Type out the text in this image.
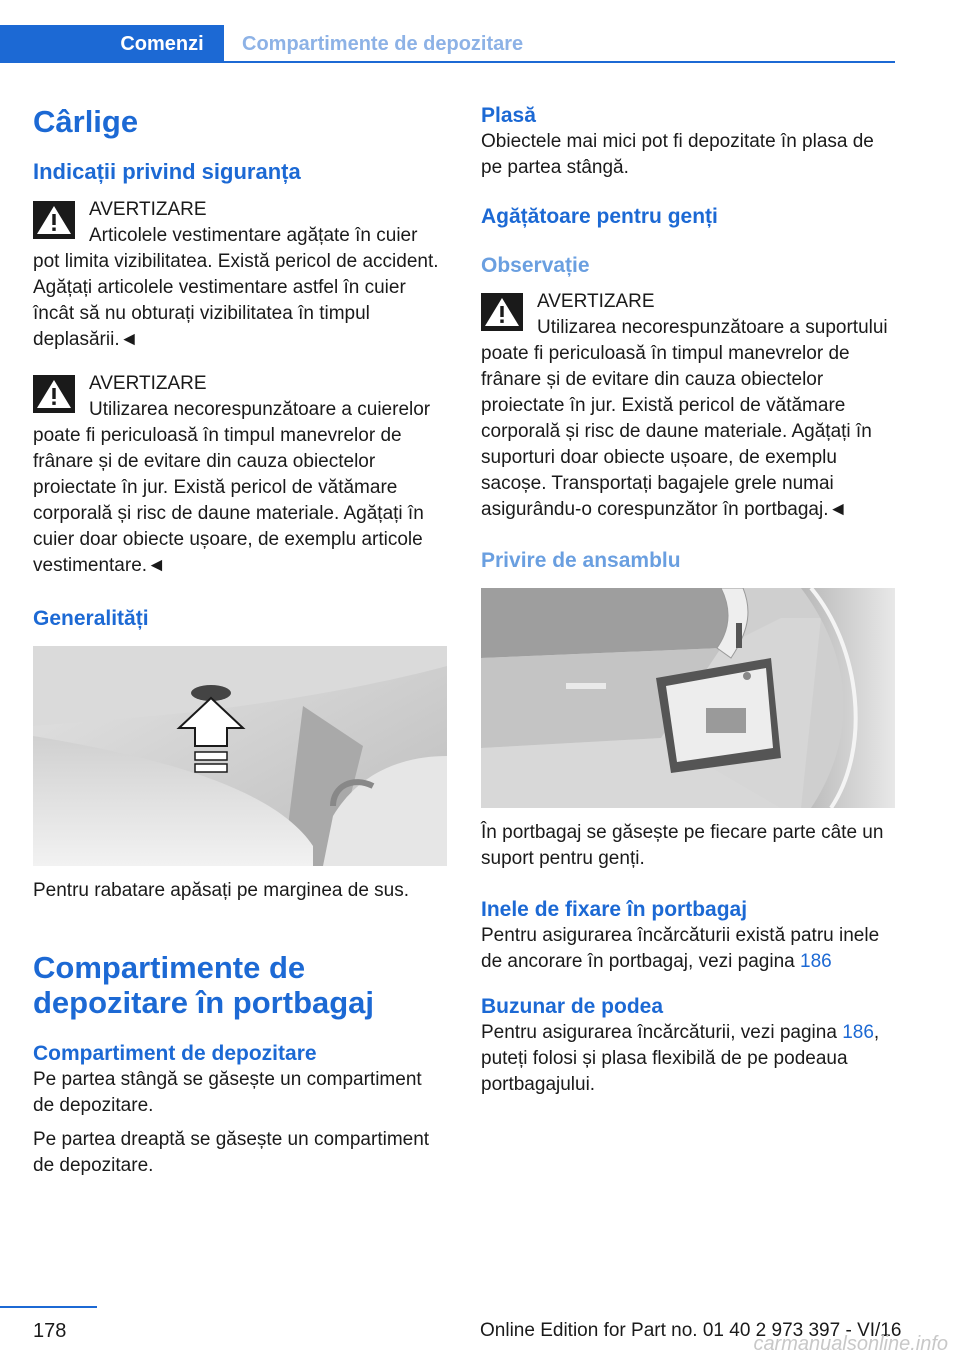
Comenzi	Compartimente de depozitare
Cârlige
Indicații privind siguranța
AVERTIZARE

Articolele vestimentare agățate în cuier pot limita vizibilitatea. Există pericol de accident. Agățați articolele vestimentare astfel în cuier încât să nu obturați vizibilitatea în timpul deplasării.◄

AVERTIZARE

Utilizarea necorespunzătoare a cuierelor poate fi periculoasă în timpul manevrelor de frânare și de evitare din cauza obiectelor proiectate în jur. Există pericol de vătămare corporală și risc de daune materiale. Agățați în cuier doar obiecte ușoare, de exemplu articole vestimentare.◄

Generalități

Pentru rabatare apăsați pe marginea de sus.

Compartimente de depozitare în portbagaj
Compartiment de depozitare

Pe partea stângă se găsește un compartiment de depozitare.

Pe partea dreaptă se găsește un compartiment de depozitare.

Plasă

Obiectele mai mici pot fi depozitate în plasa de pe partea stângă.

Agățătoare pentru genți
Observație
AVERTIZARE

Utilizarea necorespunzătoare a suportului poate fi periculoasă în timpul manevrelor de frânare și de evitare din cauza obiectelor proiectate în jur. Există pericol de vătămare corporală și risc de daune materiale. Agățați în suporturi doar obiecte ușoare, de exemplu sacoșe. Transportați bagajele grele numai asigurându-o corespunzător în portbagaj.◄

Privire de ansamblu

În portbagaj se găsește pe fiecare parte câte un suport pentru genți.

Inele de fixare în portbagaj

Pentru asigurarea încărcăturii există patru inele de ancorare în portbagaj, vezi pagina 186

Buzunar de podea

Pentru asigurarea încărcăturii, vezi pagina 186, puteți folosi și plasa flexibilă de pe podeaua portbagajului.

178	Online Edition for Part no. 01 40 2 973 397 - VI/16
carmanualsonline.info
